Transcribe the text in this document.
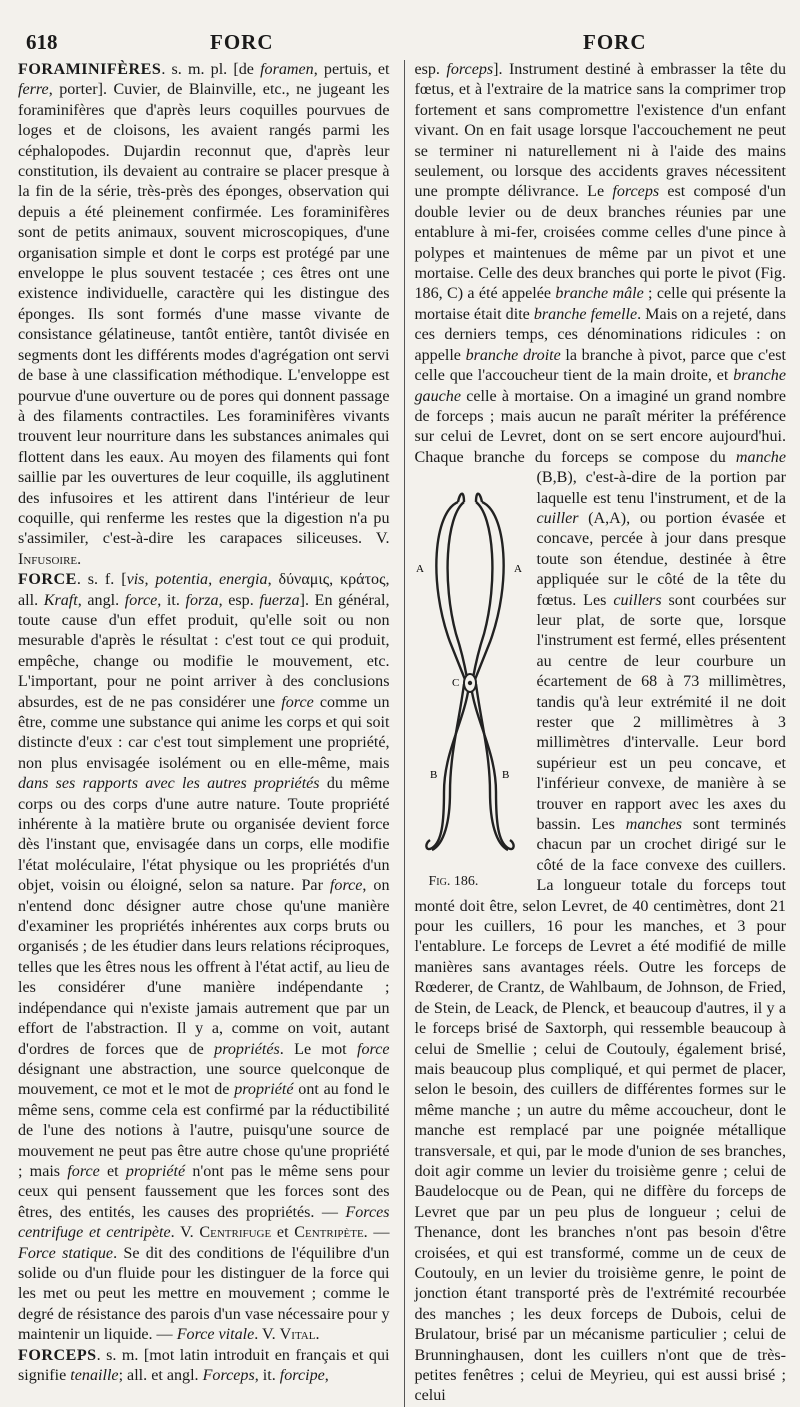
618	FORC	FORC

FORAMINIFÈRES. s. m. pl. [de foramen, pertuis, et ferre, porter]. Cuvier, de Blainville, etc., ne jugeant les foraminifères que d'après leurs coquilles pourvues de loges et de cloisons, les avaient rangés parmi les céphalopodes. Dujardin reconnut que, d'après leur constitution, ils devaient au contraire se placer presque à la fin de la série, très-près des éponges, observation qui depuis a été pleinement confirmée. Les foraminifères sont de petits animaux, souvent microscopiques, d'une organisation simple et dont le corps est protégé par une enveloppe le plus souvent testacée ; ces êtres ont une existence individuelle, caractère qui les distingue des éponges. Ils sont formés d'une masse vivante de consistance gélatineuse, tantôt entière, tantôt divisée en segments dont les différents modes d'agrégation ont servi de base à une classification méthodique. L'enveloppe est pourvue d'une ouverture ou de pores qui donnent passage à des filaments contractiles. Les foraminifères vivants trouvent leur nourriture dans les substances animales qui flottent dans les eaux. Au moyen des filaments qui font saillie par les ouvertures de leur coquille, ils agglutinent des infusoires et les attirent dans l'intérieur de leur coquille, qui renferme les restes que la digestion n'a pu s'assimiler, c'est-à-dire les carapaces siliceuses. V. Infusoire.

FORCE. s. f. [vis, potentia, energia, δύναμις, κράτος, all. Kraft, angl. force, it. forza, esp. fuerza]. En général, toute cause d'un effet produit, qu'elle soit ou non mesurable d'après le résultat : c'est tout ce qui produit, empêche, change ou modifie le mouvement, etc. L'important, pour ne point arriver à des conclusions absurdes, est de ne pas considérer une force comme un être, comme une substance qui anime les corps et qui soit distincte d'eux : car c'est tout simplement une propriété, non plus envisagée isolément ou en elle-même, mais dans ses rapports avec les autres propriétés du même corps ou des corps d'une autre nature. Toute propriété inhérente à la matière brute ou organisée devient force dès l'instant que, envisagée dans un corps, elle modifie l'état moléculaire, l'état physique ou les propriétés d'un objet, voisin ou éloigné, selon sa nature. Par force, on n'entend donc désigner autre chose qu'une manière d'examiner les propriétés inhérentes aux corps bruts ou organisés ; de les étudier dans leurs relations réciproques, telles que les êtres nous les offrent à l'état actif, au lieu de les considérer d'une manière indépendante ; indépendance qui n'existe jamais autrement que par un effort de l'abstraction. Il y a, comme on voit, autant d'ordres de forces que de propriétés. Le mot force désignant une abstraction, une source quelconque de mouvement, ce mot et le mot de propriété ont au fond le même sens, comme cela est confirmé par la réductibilité de l'une des notions à l'autre, puisqu'une source de mouvement ne peut pas être autre chose qu'une propriété ; mais force et propriété n'ont pas le même sens pour ceux qui pensent faussement que les forces sont des êtres, des entités, les causes des propriétés. — Forces centrifuge et centripète. V. Centrifuge et Centripète. — Force statique. Se dit des conditions de l'équilibre d'un solide ou d'un fluide pour les distinguer de la force qui les met ou peut les mettre en mouvement ; comme le degré de résistance des parois d'un vase nécessaire pour y maintenir un liquide. — Force vitale. V. Vital.

FORCEPS. s. m. [mot latin introduit en français et qui signifie tenaille; all. et angl. Forceps, it. forcipe,

esp. forceps]. Instrument destiné à embrasser la tête du fœtus, et à l'extraire de la matrice sans la comprimer trop fortement et sans compromettre l'existence d'un enfant vivant. On en fait usage lorsque l'accouchement ne peut se terminer ni naturellement ni à l'aide des mains seulement, ou lorsque des accidents graves nécessitent une prompte délivrance. Le forceps est composé d'un double levier ou de deux branches réunies par une entablure à mi-fer, croisées comme celles d'une pince à polypes et maintenues de même par un pivot et une mortaise. Celle des deux branches qui porte le pivot (Fig. 186, C) a été appelée branche mâle ; celle qui présente la mortaise était dite branche femelle. Mais on a rejeté, dans ces derniers temps, ces dénominations ridicules : on appelle branche droite la branche à pivot, parce que c'est celle que l'accoucheur tient de la main droite, et branche gauche celle à mortaise. On a imaginé un grand nombre de forceps ; mais aucun ne paraît mériter la préférence sur celui de Levret, dont on se sert encore aujourd'hui. Chaque branche du forceps se compose du
A	A
C
B	B
Fig. 186.
manche (B,B), c'est-à-dire de la portion par laquelle est tenu l'instrument, et de la cuiller (A,A), ou portion évasée et concave, percée à jour dans presque toute son étendue, destinée à être appliquée sur le côté de la tête du fœtus. Les cuillers sont courbées sur leur plat, de sorte que, lorsque l'instrument est fermé, elles présentent au centre de leur courbure un écartement de 68 à 73 millimètres, tandis qu'à leur extrémité il ne doit rester que 2 millimètres à 3 millimètres d'intervalle. Leur bord supérieur est un peu concave, et l'inférieur convexe, de manière à se trouver en rapport avec les axes du bassin. Les manches sont terminés chacun par un crochet dirigé sur le côté de la face convexe des cuillers. La longueur totale du forceps tout monté doit être, selon Levret, de 40 centimètres, dont 21 pour les cuillers, 16 pour les manches, et 3 pour l'entablure. Le forceps de Levret a été modifié de mille manières sans avantages réels. Outre les forceps de Rœderer, de Crantz, de Wahlbaum, de Johnson, de Fried, de Stein, de Leack, de Plenck, et beaucoup d'autres, il y a le forceps brisé de Saxtorph, qui ressemble beaucoup à celui de Smellie ; celui de Coutouly, également brisé, mais beaucoup plus compliqué, et qui permet de placer, selon le besoin, des cuillers de différentes formes sur le même manche ; un autre du même accoucheur, dont le manche est remplacé par une poignée métallique transversale, et qui, par le mode d'union de ses branches, doit agir comme un levier du troisième genre ; celui de Baudelocque ou de Pean, qui ne diffère du forceps de Levret que par un peu plus de longueur ; celui de Thenance, dont les branches n'ont pas besoin d'être croisées, et qui est transformé, comme un de ceux de Coutouly, en un levier du troisième genre, le point de jonction étant transporté près de l'extrémité recourbée des manches ; les deux forceps de Dubois, celui de Brulatour, brisé par un mécanisme particulier ; celui de Brunninghausen, dont les cuillers n'ont que de très-petites fenêtres ; celui de Meyrieu, qui est aussi brisé ; celui
